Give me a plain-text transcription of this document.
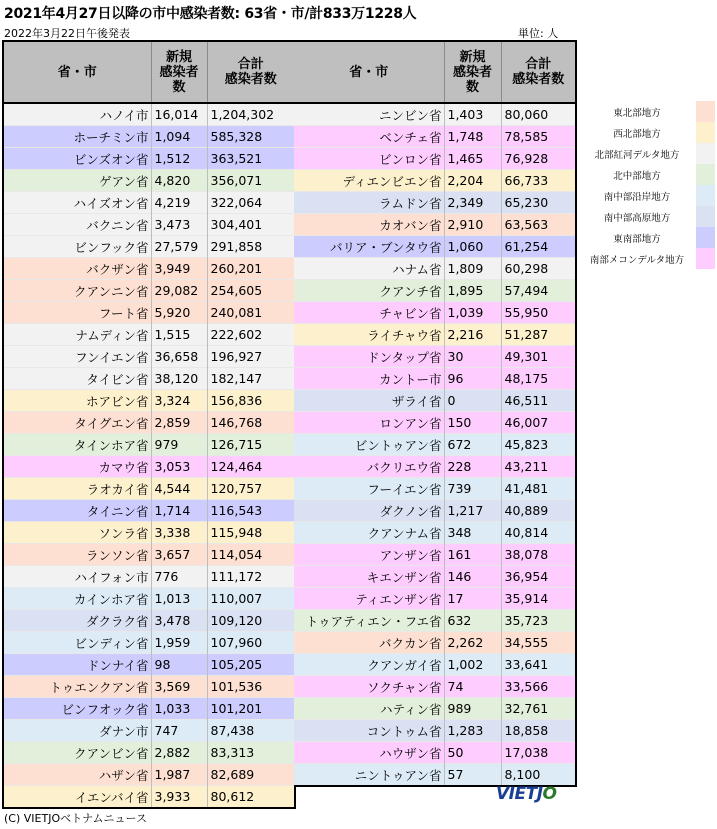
2021年4月27日以降の市中感染者数: 63省・市/計833万1228人
2022年3月22日午後発表	単位: 人
省・市	新規
感染者
数	合計
感染者数
ハノイ市	16,014	1,204,302
ホーチミン市	1,094	585,328
ビンズオン省	1,512	363,521
ゲアン省	4,820	356,071
ハイズオン省	4,219	322,064
バクニン省	3,473	304,401
ビンフック省	27,579	291,858
バクザン省	3,949	260,201
クアンニン省	29,082	254,605
フート省	5,920	240,081
ナムディン省	1,515	222,602
フンイエン省	36,658	196,927
タイビン省	38,120	182,147
ホアビン省	3,324	156,836
タイグエン省	2,859	146,768
タインホア省	979	126,715
カマウ省	3,053	124,464
ラオカイ省	4,544	120,757
タイニン省	1,714	116,543
ソンラ省	3,338	115,948
ランソン省	3,657	114,054
ハイフォン市	776	111,172
カインホア省	1,013	110,007
ダクラク省	3,478	109,120
ビンディン省	1,959	107,960
ドンナイ省	98	105,205
トゥエンクアン省	3,569	101,536
ビンフオック省	1,033	101,201
ダナン市	747	87,438
クアンビン省	2,882	83,313
ハザン省	1,987	82,689
イエンバイ省	3,933	80,612
省・市	新規
感染者
数	合計
感染者数
ニンビン省	1,403	80,060
ベンチェ省	1,748	78,585
ビンロン省	1,465	76,928
ディエンビエン省	2,204	66,733
ラムドン省	2,349	65,230
カオバン省	2,910	63,563
バリア・ブンタウ省	1,060	61,254
ハナム省	1,809	60,298
クアンチ省	1,895	57,494
チャビン省	1,039	55,950
ライチャウ省	2,216	51,287
ドンタップ省	30	49,301
カントー市	96	48,175
ザライ省	0	46,511
ロンアン省	150	46,007
ビントゥアン省	672	45,823
バクリエウ省	228	43,211
フーイエン省	739	41,481
ダクノン省	1,217	40,889
クアンナム省	348	40,814
アンザン省	161	38,078
キエンザン省	146	36,954
ティエンザン省	17	35,914
トゥアティエン・フエ省	632	35,723
バクカン省	2,262	34,555
クアンガイ省	1,002	33,641
ソクチャン省	74	33,566
ハティン省	989	32,761
コントゥム省	1,283	18,858
ハウザン省	50	17,038
ニントゥアン省	57	8,100
東北部地方	
西北部地方	
北部紅河デルタ地方	
北中部地方	
南中部沿岸地方	
南中部高原地方	
東南部地方	
南部メコンデルタ地方	
VIETJO
(C) VIETJOベトナムニュース
